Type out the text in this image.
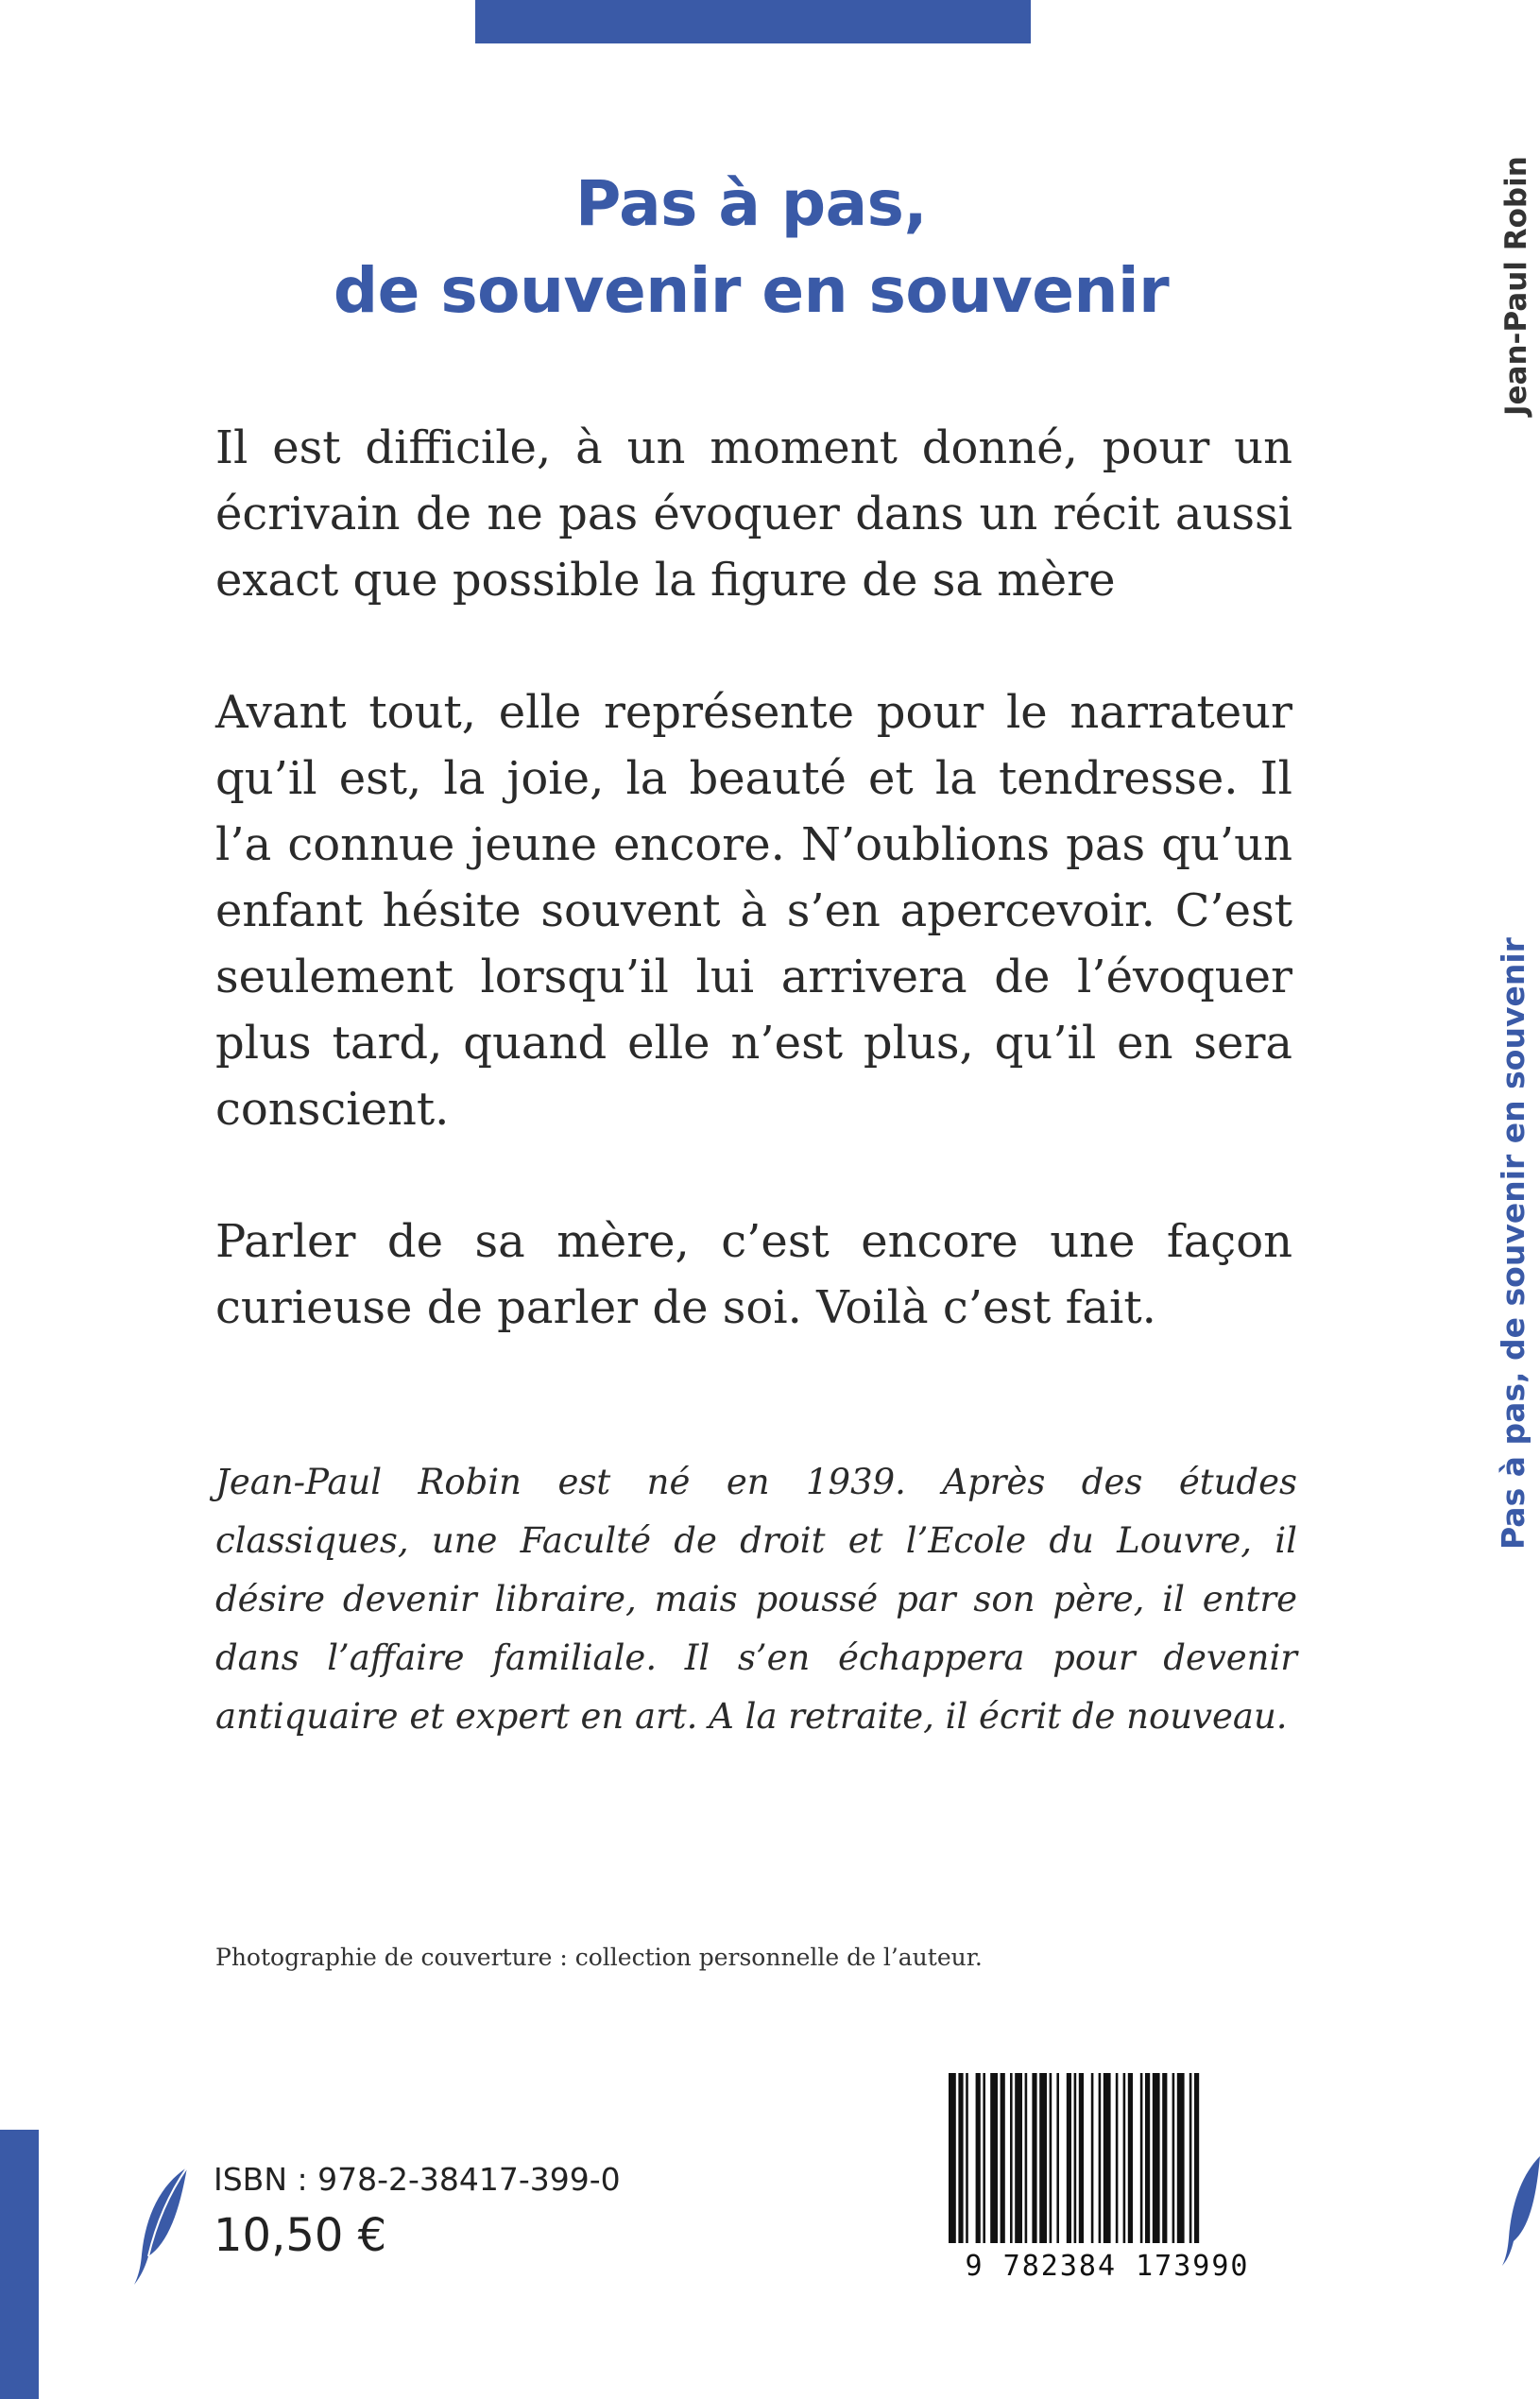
Pas à pas,
de souvenir en souvenir

Il est difficile, à un moment donné, pour un écrivain de ne pas évoquer dans un récit aussi exact que possible la figure de sa mère

Avant tout, elle représente pour le narrateur qu’il est, la joie, la beauté et la tendresse. Il l’a connue jeune encore. N’oublions pas qu’un enfant hésite souvent à s’en apercevoir. C’est seulement lorsqu’il lui arrivera de l’évoquer plus tard, quand elle n’est plus, qu’il en sera conscient.

Parler de sa mère, c’est encore une façon curieuse de parler de soi. Voilà c’est fait.

Jean-Paul Robin est né en 1939. Après des études classiques, une Faculté de droit et l’Ecole du Louvre, il désire devenir libraire, mais poussé par son père, il entre dans l’affaire familiale. Il s’en échappera pour devenir antiquaire et expert en art. A la retraite, il écrit de nouveau.

Photographie de couverture : collection personnelle de l’auteur.

ISBN : 978-2-38417-399-0
10,50 €
9 782384 173990
Pas à pas, de souvenir en souvenir
Jean-Paul Robin
